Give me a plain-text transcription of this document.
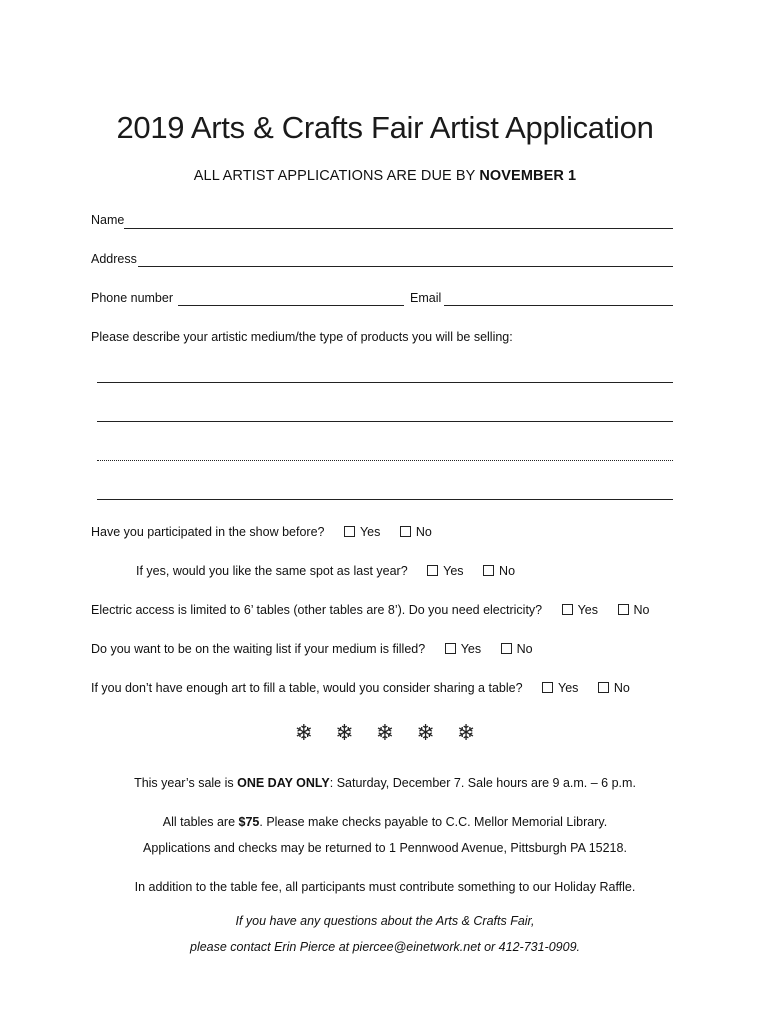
2019 Arts & Crafts Fair Artist Application
ALL ARTIST APPLICATIONS ARE DUE BY NOVEMBER 1
Name
Address
Phone number	Email
Please describe your artistic medium/the type of products you will be selling:
Have you participated in the show before?	Yes	No
If yes, would you like the same spot as last year?	Yes	No
Electric access is limited to 6’ tables (other tables are 8’). Do you need electricity?	Yes	No
Do you want to be on the waiting list if your medium is filled?	Yes	No
If you don’t have enough art to fill a table, would you consider sharing a table?	Yes	No
❄ ❄ ❄ ❄ ❄
This year’s sale is ONE DAY ONLY: Saturday, December 7. Sale hours are 9 a.m. – 6 p.m.
All tables are $75. Please make checks payable to C.C. Mellor Memorial Library.
Applications and checks may be returned to 1 Pennwood Avenue, Pittsburgh PA 15218.
In addition to the table fee, all participants must contribute something to our Holiday Raffle.
If you have any questions about the Arts & Crafts Fair,
please contact Erin Pierce at piercee@einetwork.net or 412-731-0909.
